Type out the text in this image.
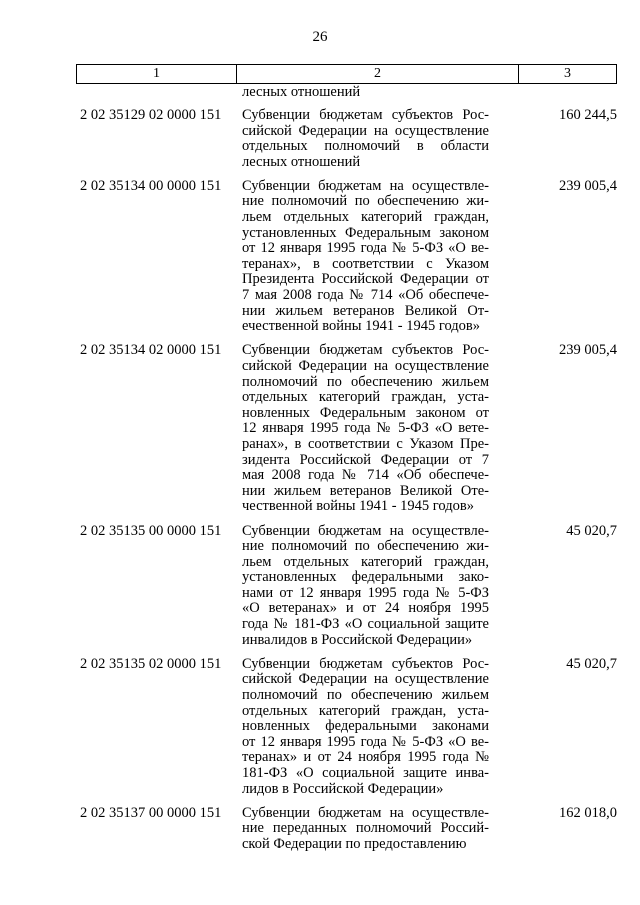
26
1	2	3
лесных отношений
2 02 35129 02 0000 151 Субвенции бюджетам субъектов Рос-
сийской Федерации на осуществление
отдельных полномочий в области
лесных отношений
160 244,5
2 02 35134 00 0000 151 Субвенции бюджетам на осуществле-
ние полномочий по обеспечению жи-
льем отдельных категорий граждан,
установленных Федеральным законом
от 12 января 1995 года № 5-ФЗ «О ве-
теранах», в соответствии с Указом
Президента Российской Федерации от
7 мая 2008 года № 714 «Об обеспече-
нии жильем ветеранов Великой От-
ечественной войны 1941 - 1945 годов»
239 005,4
2 02 35134 02 0000 151 Субвенции бюджетам субъектов Рос-
сийской Федерации на осуществление
полномочий по обеспечению жильем
отдельных категорий граждан, уста-
новленных Федеральным законом от
12 января 1995 года № 5-ФЗ «О вете-
ранах», в соответствии с Указом Пре-
зидента Российской Федерации от 7
мая 2008 года № 714 «Об обеспече-
нии жильем ветеранов Великой Оте-
чественной войны 1941 - 1945 годов»
239 005,4
2 02 35135 00 0000 151 Субвенции бюджетам на осуществле-
ние полномочий по обеспечению жи-
льем отдельных категорий граждан,
установленных федеральными зако-
нами от 12 января 1995 года № 5-ФЗ
«О ветеранах» и от 24 ноября 1995
года № 181-ФЗ «О социальной защите
инвалидов в Российской Федерации»
45 020,7
2 02 35135 02 0000 151 Субвенции бюджетам субъектов Рос-
сийской Федерации на осуществление
полномочий по обеспечению жильем
отдельных категорий граждан, уста-
новленных федеральными законами
от 12 января 1995 года № 5-ФЗ «О ве-
теранах» и от 24 ноября 1995 года №
181-ФЗ «О социальной защите инва-
лидов в Российской Федерации»
45 020,7
2 02 35137 00 0000 151 Субвенции бюджетам на осуществле-
ние переданных полномочий Россий-
ской Федерации по предоставлению
162 018,0
